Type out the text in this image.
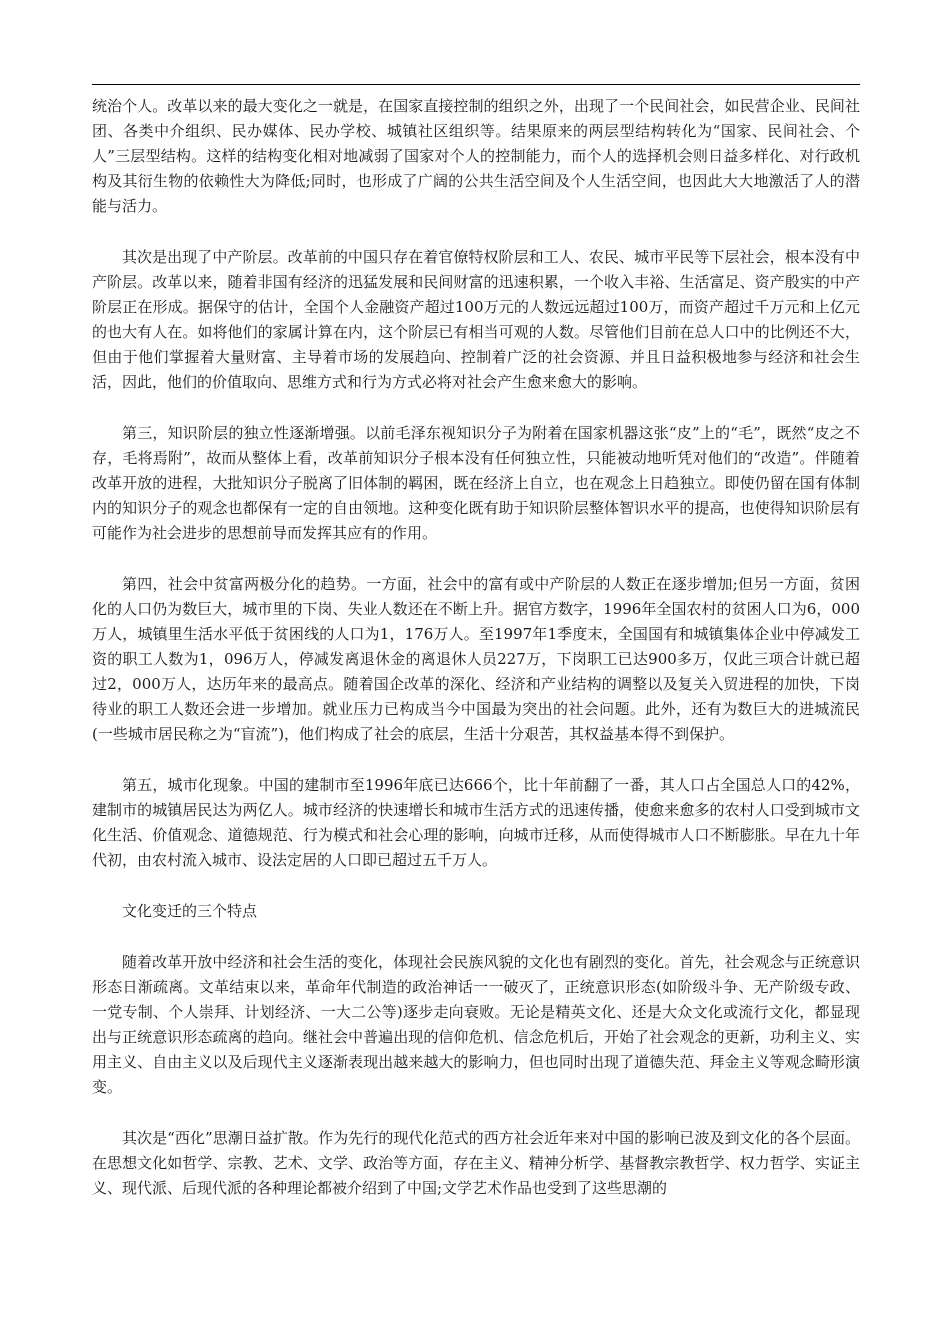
统治个人。改革以来的最大变化之一就是，在国家直接控制的组织之外，出现了一个民间社会，如民营企业、民间社团、各类中介组织、民办媒体、民办学校、城镇社区组织等。结果原来的两层型结构转化为“国家、民间社会、个人”三层型结构。这样的结构变化相对地减弱了国家对个人的控制能力，而个人的选择机会则日益多样化、对行政机构及其衍生物的依赖性大为降低;同时，也形成了广阔的公共生活空间及个人生活空间，也因此大大地激活了人的潜能与活力。

其次是出现了中产阶层。改革前的中国只存在着官僚特权阶层和工人、农民、城市平民等下层社会，根本没有中产阶层。改革以来，随着非国有经济的迅猛发展和民间财富的迅速积累，一个收入丰裕、生活富足、资产殷实的中产阶层正在形成。据保守的估计，全国个人金融资产超过100万元的人数远远超过100万，而资产超过千万元和上亿元的也大有人在。如将他们的家属计算在内，这个阶层已有相当可观的人数。尽管他们目前在总人口中的比例还不大，但由于他们掌握着大量财富、主导着市场的发展趋向、控制着广泛的社会资源、并且日益积极地参与经济和社会生活，因此，他们的价值取向、思维方式和行为方式必将对社会产生愈来愈大的影响。

第三，知识阶层的独立性逐渐增强。以前毛泽东视知识分子为附着在国家机器这张“皮”上的“毛”，既然“皮之不存，毛将焉附”，故而从整体上看，改革前知识分子根本没有任何独立性，只能被动地听凭对他们的“改造”。伴随着改革开放的进程，大批知识分子脱离了旧体制的羁困，既在经济上自立，也在观念上日趋独立。即使仍留在国有体制内的知识分子的观念也都保有一定的自由领地。这种变化既有助于知识阶层整体智识水平的提高，也使得知识阶层有可能作为社会进步的思想前导而发挥其应有的作用。

第四，社会中贫富两极分化的趋势。一方面，社会中的富有或中产阶层的人数正在逐步增加;但另一方面，贫困化的人口仍为数巨大，城市里的下岗、失业人数还在不断上升。据官方数字，1996年全国农村的贫困人口为6，000万人，城镇里生活水平低于贫困线的人口为1，176万人。至1997年1季度末，全国国有和城镇集体企业中停减发工资的职工人数为1，096万人，停减发离退休金的离退休人员227万，下岗职工已达900多万，仅此三项合计就已超过2，000万人，达历年来的最高点。随着国企改革的深化、经济和产业结构的调整以及复关入贸进程的加快，下岗待业的职工人数还会进一步增加。就业压力已构成当今中国最为突出的社会问题。此外，还有为数巨大的进城流民(一些城市居民称之为“盲流”)，他们构成了社会的底层，生活十分艰苦，其权益基本得不到保护。

第五，城市化现象。中国的建制市至1996年底已达666个，比十年前翻了一番，其人口占全国总人口的42%，建制市的城镇居民达为两亿人。城市经济的快速增长和城市生活方式的迅速传播，使愈来愈多的农村人口受到城市文化生活、价值观念、道德规范、行为模式和社会心理的影响，向城市迁移，从而使得城市人口不断膨胀。早在九十年代初，由农村流入城市、设法定居的人口即已超过五千万人。

文化变迁的三个特点

随着改革开放中经济和社会生活的变化，体现社会民族风貌的文化也有剧烈的变化。首先，社会观念与正统意识形态日渐疏离。文革结束以来，革命年代制造的政治神话一一破灭了，正统意识形态(如阶级斗争、无产阶级专政、一党专制、个人崇拜、计划经济、一大二公等)逐步走向衰败。无论是精英文化、还是大众文化或流行文化，都显现出与正统意识形态疏离的趋向。继社会中普遍出现的信仰危机、信念危机后，开始了社会观念的更新，功利主义、实用主义、自由主义以及后现代主义逐渐表现出越来越大的影响力，但也同时出现了道德失范、拜金主义等观念畸形演变。

其次是“西化”思潮日益扩散。作为先行的现代化范式的西方社会近年来对中国的影响已波及到文化的各个层面。在思想文化如哲学、宗教、艺术、文学、政治等方面，存在主义、精神分析学、基督教宗教哲学、权力哲学、实证主义、现代派、后现代派的各种理论都被介绍到了中国;文学艺术作品也受到了这些思潮的
